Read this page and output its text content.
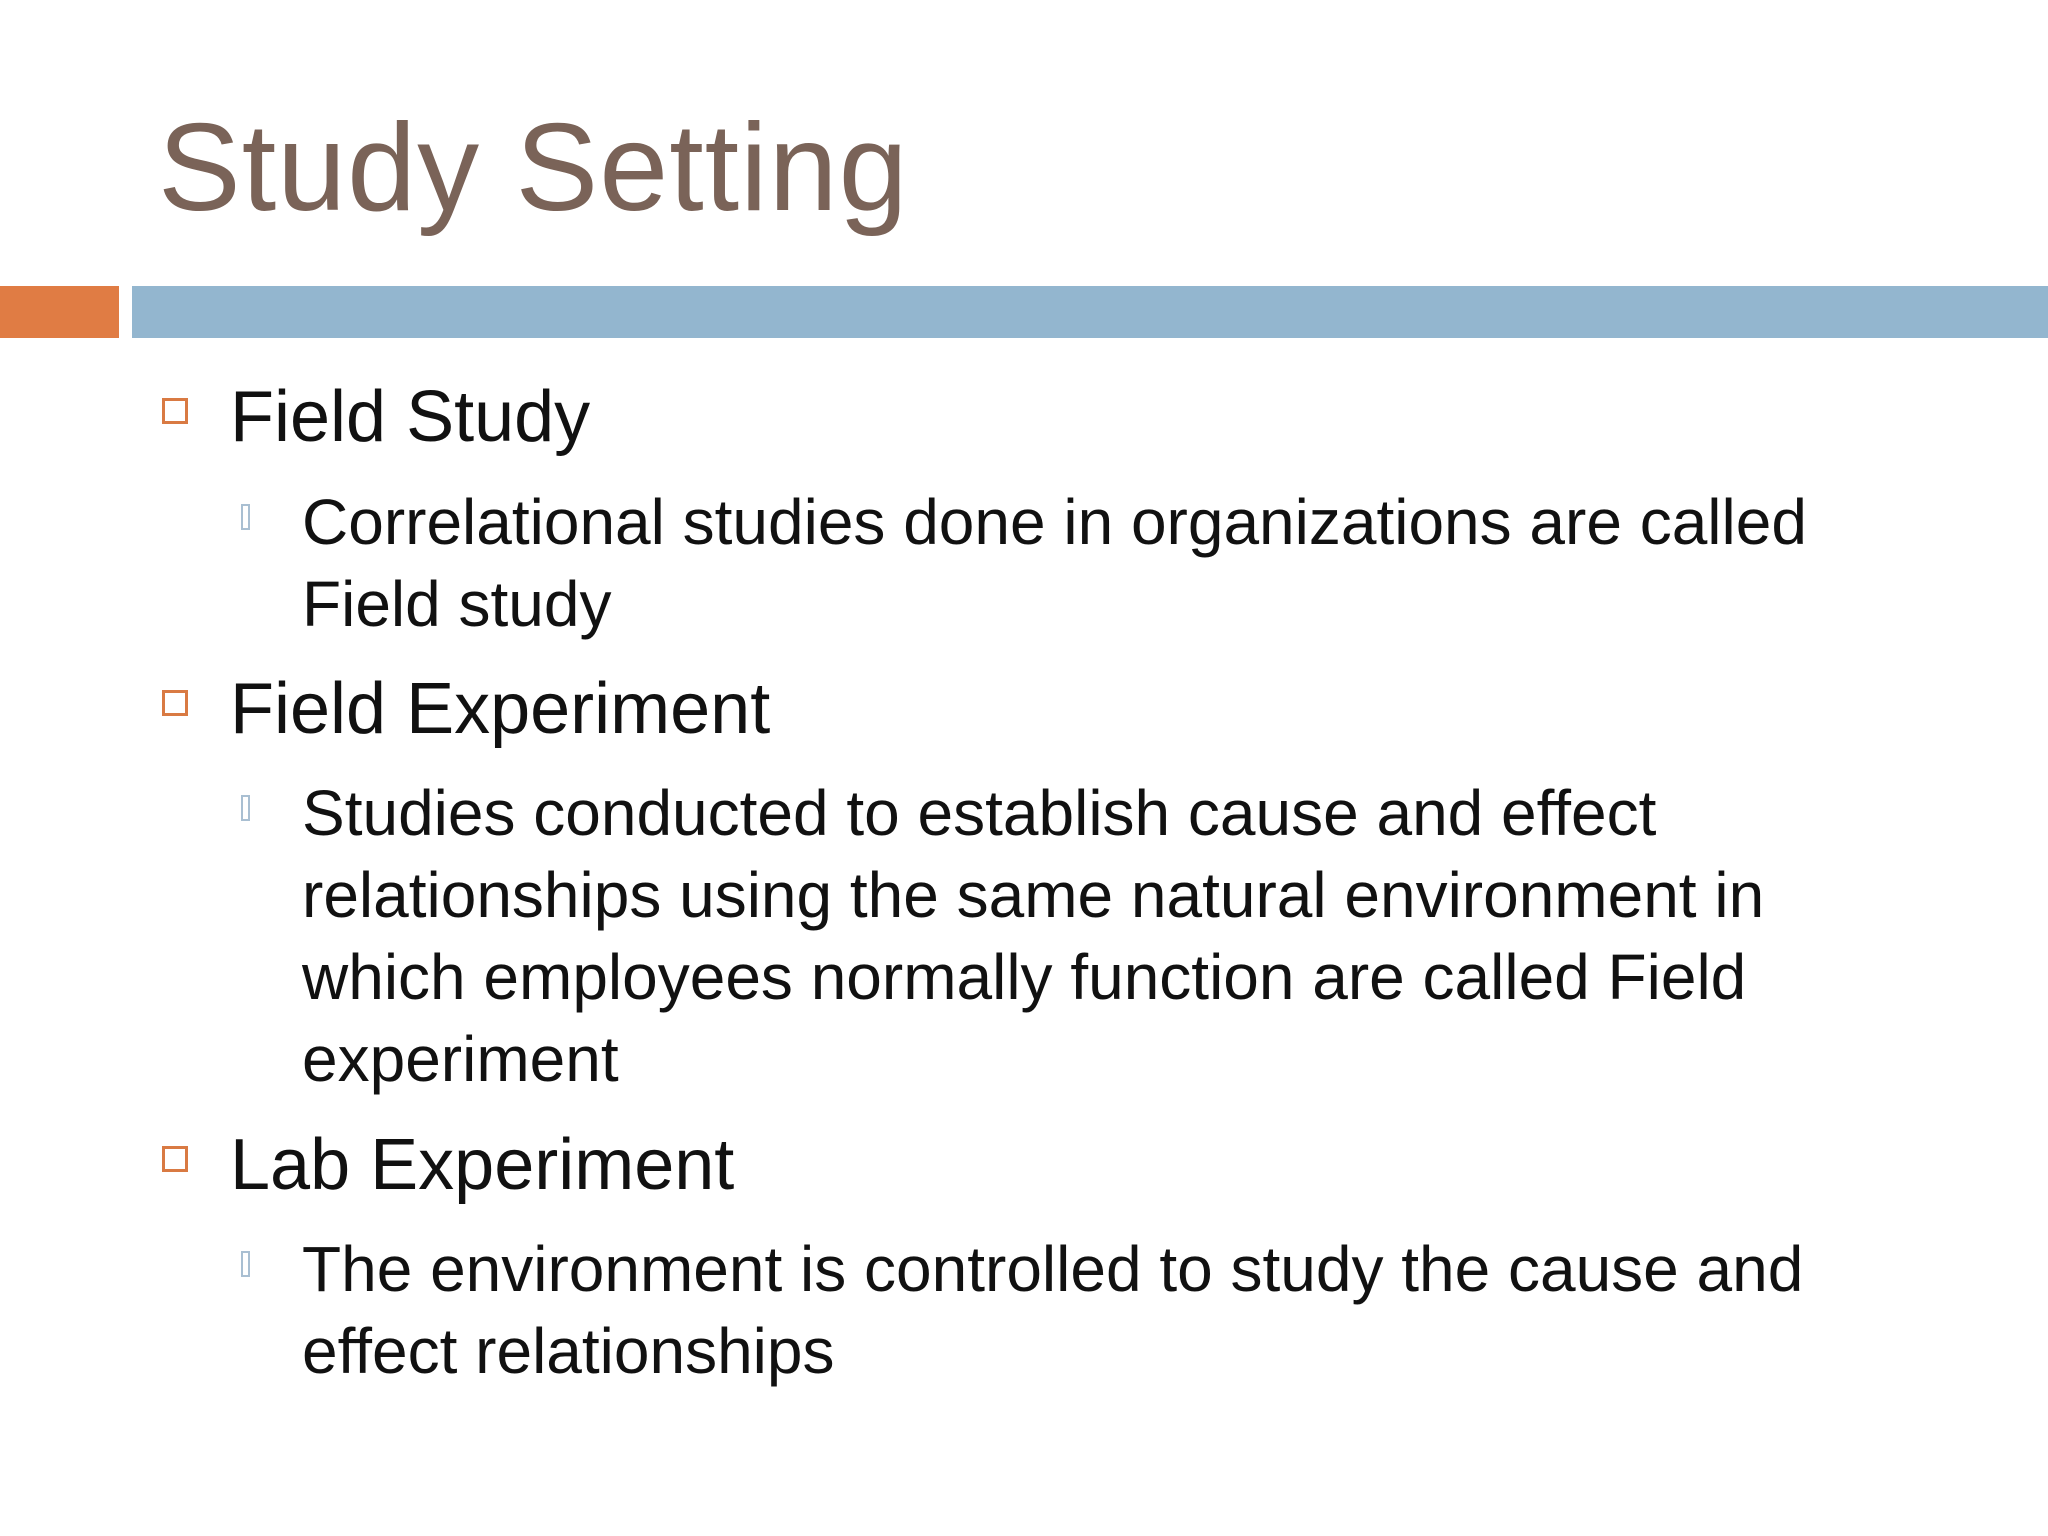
Study Setting

Field Study

Correlational studies done in organizations are called Field study

Field Experiment

Studies conducted to establish cause and effect relationships using the same natural environment in which employees normally function are called Field experiment

Lab Experiment

The environment is controlled to study the cause and effect relationships
